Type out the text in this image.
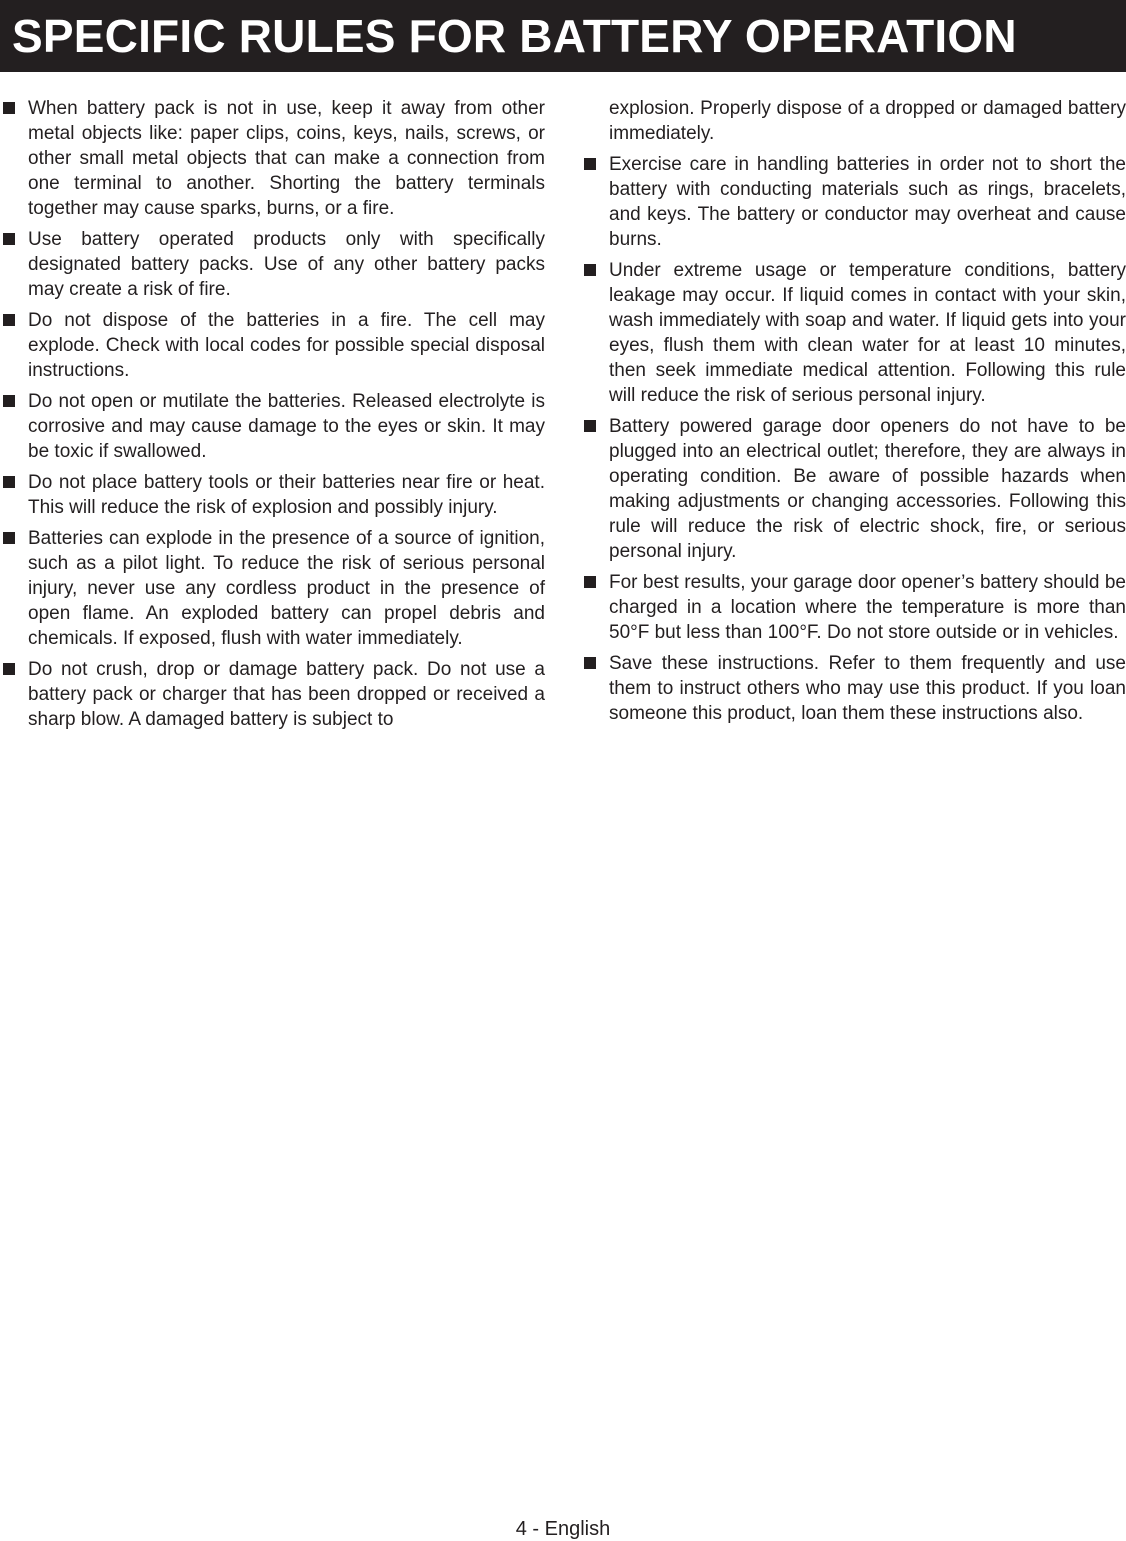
SPECIFIC RULES FOR BATTERY OPERATION
When battery pack is not in use, keep it away from other metal objects like: paper clips, coins, keys, nails, screws, or other small metal objects that can make a connection from one terminal to another. Shorting the battery terminals together may cause sparks, burns, or a fire.
Use battery operated products only with specifically designated battery packs. Use of any other battery packs may create a risk of fire.
Do not dispose of the batteries in a fire. The cell may explode. Check with local codes for possible special disposal instructions.
Do not open or mutilate the batteries. Released electrolyte is corrosive and may cause damage to the eyes or skin. It may be toxic if swallowed.
Do not place battery tools or their batteries near fire or heat. This will reduce the risk of explosion and possibly injury.
Batteries can explode in the presence of a source of ignition, such as a pilot light. To reduce the risk of serious personal injury, never use any cordless product in the presence of open flame. An exploded battery can propel debris and chemicals. If exposed, flush with water immediately.
Do not crush, drop or damage battery pack. Do not use a battery pack or charger that has been dropped or received a sharp blow. A damaged battery is subject to
explosion. Properly dispose of a dropped or damaged battery immediately.
Exercise care in handling batteries in order not to short the battery with conducting materials such as rings, bracelets, and keys. The battery or conductor may overheat and cause burns.
Under extreme usage or temperature conditions, battery leakage may occur. If liquid comes in contact with your skin, wash immediately with soap and water. If liquid gets into your eyes, flush them with clean water for at least 10 minutes, then seek immediate medical attention. Following this rule will reduce the risk of serious personal injury.
Battery powered garage door openers do not have to be plugged into an electrical outlet; therefore, they are always in operating condition. Be aware of possible hazards when making adjustments or changing accessories. Following this rule will reduce the risk of electric shock, fire, or serious personal injury.
For best results, your garage door opener’s battery should be charged in a location where the temperature is more than 50°F but less than 100°F. Do not store outside or in vehicles.
Save these instructions. Refer to them frequently and use them to instruct others who may use this product. If you loan someone this product, loan them these instructions also.
4 - English
